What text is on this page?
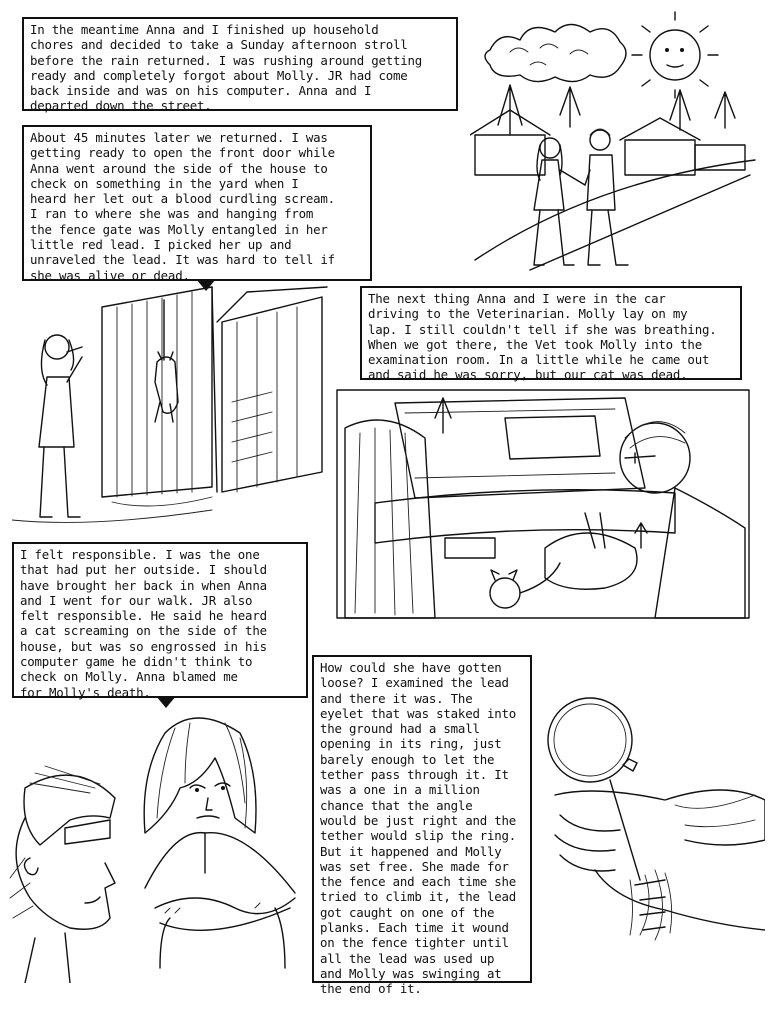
In the meantime Anna and I finished up household
chores and decided to take a Sunday afternoon stroll
before the rain returned. I was rushing around getting
ready and completely forgot about Molly. JR had come
back inside and was on his computer. Anna and I
departed down the street.
About 45 minutes later we returned. I was
getting ready to open the front door while
Anna went around the side of the house to
check on something in the yard when I
heard her let out a blood curdling scream.
I ran to where she was and hanging from
the fence gate was Molly entangled in her
little red lead. I picked her up and
unraveled the lead. It was hard to tell if
she was alive or dead.
The next thing Anna and I were in the car
driving to the Veterinarian. Molly lay on my
lap. I still couldn't tell if she was breathing.
When we got there, the Vet took Molly into the
examination room. In a little while he came out
and said he was sorry, but our cat was dead.
I felt responsible. I was the one
that had put her outside. I should
have brought her back in when Anna
and I went for our walk. JR also
felt responsible. He said he heard
a cat screaming on the side of the
house, but was so engrossed in his
computer game he didn't think to
check on Molly. Anna blamed me
for Molly's death.
How could she have gotten
loose? I examined the lead
and there it was. The
eyelet that was staked into
the ground had a small
opening in its ring, just
barely enough to let the
tether pass through it. It
was a one in a million
chance that the angle
would be just right and the
tether would slip the ring.
But it happened and Molly
was set free. She made for
the fence and each time she
tried to climb it, the lead
got caught on one of the
planks. Each time it wound
on the fence tighter until
all the lead was used up
and Molly was swinging at
the end of it.
